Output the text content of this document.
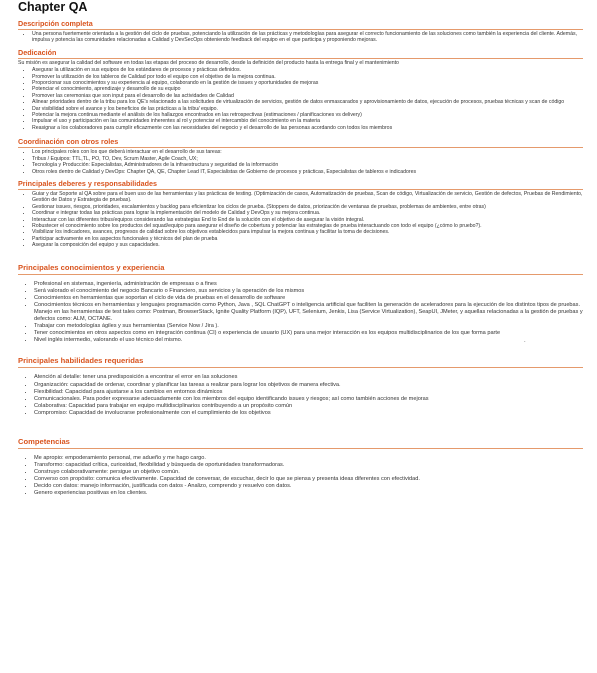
Chapter QA
Descripción completa
• Una persona fuertemente orientada a la gestión del ciclo de pruebas, potenciando la utilización de las prácticas y metodologías para asegurar el correcto funcionamiento de las soluciones como también la experiencia del cliente. Además, impulsa y potencia las comunidades relacionadas a Calidad y DevSecOps obteniendo feedback del equipo en el que participa y proponiendo mejoras.
Dedicación

Su misión es asegurar la calidad del software en todas las etapas del proceso de desarrollo, desde la definición del producto hasta la entrega final y el mantenimiento

• Asegurar la utilización en sus equipos de los estándares de procesos y prácticas definidos.
• Promover la utilización de los tableros de Calidad por todo el equipo con el objetivo de la mejora continua.
• Proporcionar sus conocimientos y su experiencia al equipo, colaborando en la gestión de issues y oportunidades de mejoras
• Potenciar el conocimiento, aprendizaje y desarrollo de su equipo
• Promover las ceremonias que son input para el desarrollo de las actividades de Calidad
• Alinear prioridades dentro de la tribu para los QE's relacionado a las solicitudes de virtualización de servicios, gestión de datos enmascarados y aprovisionamiento de datos, ejecución de procesos, pruebas técnicas y scan de código
• Dar visibilidad sobre el avance y los beneficios de las prácticas a la tribu/ equipo.
• Potenciar la mejora continua mediante el análisis de los hallazgos encontrados en las retrospectivas (estimaciones / planificaciones vs delivery)
• Impulsar el uso y participación en las comunidades inherentes al rol y potenciar el intercambio del conocimiento en la materia
• Reasignar a los colaboradores para cumplir eficazmente con las necesidades del negocio y el desarrollo de las personas acordando con todos los miembros
Coordinación con otros roles
• Los principales roles con los que deberá interactuar en el desarrollo de sus tareas:
• Tribus / Equipos: TTL,TL, PO, TO, Dev, Scrum Master, Agile Coach, UX;
• Tecnología y Producción: Especialistas, Administradores de la infraestructura y seguridad de la información
• Otros roles dentro de Calidad y DevOps: Chapter QA, QE, Chapter Lead IT, Especialistas de Gobierno de procesos y prácticas, Especialistas de tableros e indicadores
Principales deberes y responsabilidades
• Guiar y dar Soporte al QA sobre para el buen uso de las herramientas y las prácticas de testing. (Optimización de casos, Automatización de pruebas, Scan de código, Virtualización de servicio, Gestión de defectos, Pruebas de Rendimiento, Gestión de Datos y Estrategia de pruebas).
• Gestionar issues, riesgos, prioridades, escalamientos y backlog para eficientizar los ciclos de prueba. (Stoppers de datos, priorización de ventanas de pruebas, problemas de ambientes, entre otras)
• Coordinar e integrar todas las prácticas para lograr la implementación del modelo de Calidad y DevOps y su mejora continua.
• Interactuar con las diferentes tribus/equipos considerando las estrategias End to End de la solución con el objetivo de asegurar la visión integral.
• Robustecer el conocimiento sobre los productos del squad/equipo para asegurar el diseño de cobertura y potenciar las estrategias de prueba interactuando con todo el equipo (¿cómo lo pruebo?).
• Visibilizar los indicadores, avances, progresos de calidad sobre los objetivos establecidos para impulsar la mejora continua y facilitar la toma de decisiones.
• Participar activamente en los aspectos funcionales y técnicos del plan de prueba
• Asegurar la composición del equipo y sus capacidades.
Principales conocimientos y experiencia
• Profesional en sistemas, ingeniería, administración de empresas o a fines
• Será valorado el conocimiento del negocio Bancario o Financiero, sus servicios y la operación de los mismos
• Conocimientos en herramientas que soportan el ciclo de vida de pruebas en el desarrollo de software
• Conocimientos técnicos en herramientas y lenguajes programación como Python, Java , SQL ChatGPT o inteligencia artificial que faciliten la generación de aceleradores para la ejecución de los distintos tipos de pruebas. Manejo en las herramientas de test tales como: Postman, BrowserStack, Ignite Quality Platform (IQP), UFT, Selenium, Jenkis, Lisa (Service Virtualization), SeapUI, JMeter, y aquellas relacionadas a la gestión de pruebas y defectos como: ALM, OCTANE.
• Trabajar con metodologías ágiles y sus herramientas (Service Now / Jira ).
• Tener conocimientos en otros aspectos como en integración continua (CI) o experiencia de usuario (UX) para una mejor interacción es los equipos multidisciplinarios de los que forma parte
• Nivel inglés intermedio, valorando el uso técnico del mismo.
Principales habilidades requeridas
• Atención al detalle: tener una predisposición a encontrar el error en las soluciones
• Organización: capacidad de ordenar, coordinar y planificar las tareas a realizar para lograr los objetivos de manera efectiva.
• Flexibilidad: Capacidad para ajustarse a los cambios en entornos dinámicos
• Comunicacionales. Para poder expresarse adecuadamente con los miembros del equipo identificando issues y riesgos; así como también acciones de mejoras
• Colaborativa: Capacidad para trabajar en equipo multidisciplinarios contribuyendo a un propósito común
• Compromiso: Capacidad de involucrarse profesionalmente con el cumplimiento de los objetivos
Competencias
• Me apropio: empoderamiento personal, me adueño y me hago cargo.
• Transformo: capacidad crítica, curiosidad, flexibilidad y búsqueda de oportunidades transformadoras.
• Construyo colaborativamente: persigue un objetivo común.
• Converso con propósito: comunica efectivamente. Capacidad de conversar, de escuchar, decir lo que se piensa y presenta ideas diferentes con efectividad.
• Decido con datos: manejo información, justificada con datos - Analizo, comprendo y resuelvo con datos.
• Genero experiencias positivas en los clientes.
.
